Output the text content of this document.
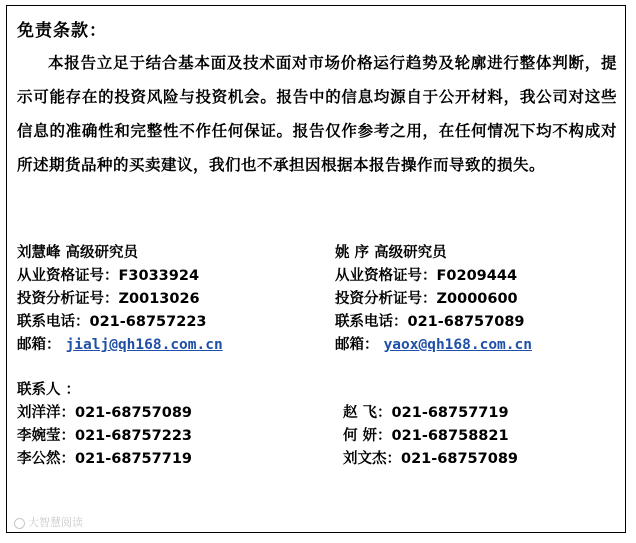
免责条款：
本报告立足于结合基本面及技术面对市场价格运行趋势及轮廓进行整体判断，提示可能存在的投资风险与投资机会。报告中的信息均源自于公开材料，我公司对这些信息的准确性和完整性不作任何保证。报告仅作参考之用，在任何情况下均不构成对所述期货品种的买卖建议，我们也不承担因根据本报告操作而导致的损失。
刘慧峰 高级研究员
从业资格证号：F3033924
投资分析证号：Z0013026
联系电话：021-68757223
邮箱： jialj@qh168.com.cn
姚 序 高级研究员
从业资格证号：F0209444
投资分析证号：Z0000600
联系电话：021-68757089
邮箱： yaox@qh168.com.cn
联系人 ：
刘洋洋：021-68757089
李婉莹：021-68757223
李公然：021-68757719
赵 飞：021-68757719
何 妍：021-68758821
刘文杰：021-68757089
大智慧阅读
